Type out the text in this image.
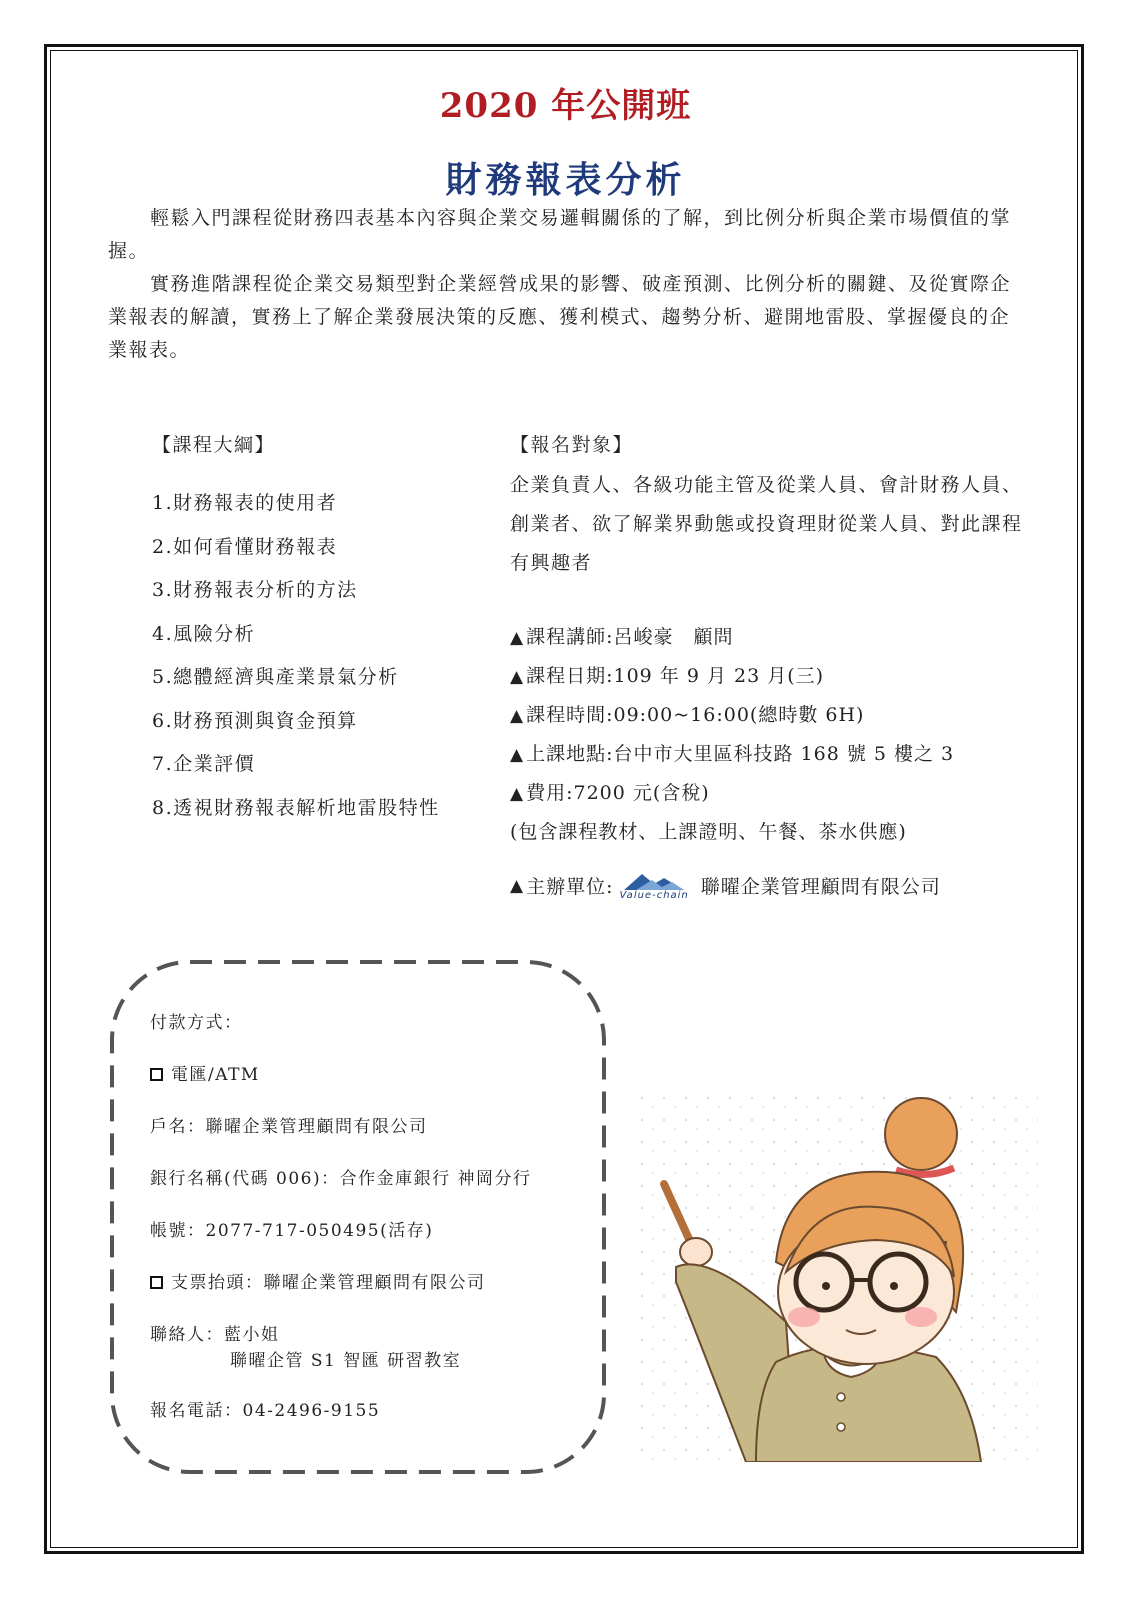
2020 年公開班
財務報表分析

輕鬆入門課程從財務四表基本內容與企業交易邏輯關係的了解，到比例分析與企業市場價值的掌握。

實務進階課程從企業交易類型對企業經營成果的影響、破產預測、比例分析的關鍵、及從實際企業報表的解讀，實務上了解企業發展決策的反應、獲利模式、趨勢分析、避開地雷股、掌握優良的企業報表。

【課程大綱】
1.財務報表的使用者
2.如何看懂財務報表
3.財務報表分析的方法
4.風險分析
5.總體經濟與產業景氣分析
6.財務預測與資金預算
7.企業評價
8.透視財務報表解析地雷股特性
【報名對象】
企業負責人、各級功能主管及從業人員、會計財務人員、創業者、欲了解業界動態或投資理財從業人員、對此課程有興趣者
▲ 課程講師:呂峻豪　顧問
▲ 課程日期:109 年 9 月 23 月(三)
▲ 課程時間:09:00~16:00(總時數 6H)
▲ 上課地點:台中市大里區科技路 168 號 5 樓之 3
▲ 費用:7200 元(含稅)
(包含課程教材、上課證明、午餐、茶水供應)
▲ 主辦單位: Value-chain 聯曜企業管理顧問有限公司
付款方式：
電匯/ATM
戶名：聯曜企業管理顧問有限公司
銀行名稱(代碼 006)：合作金庫銀行 神岡分行
帳號：2077-717-050495(活存)
支票抬頭：聯曜企業管理顧問有限公司
聯絡人：藍小姐
聯曜企管 S1 智匯 研習教室
報名電話：04-2496-9155
